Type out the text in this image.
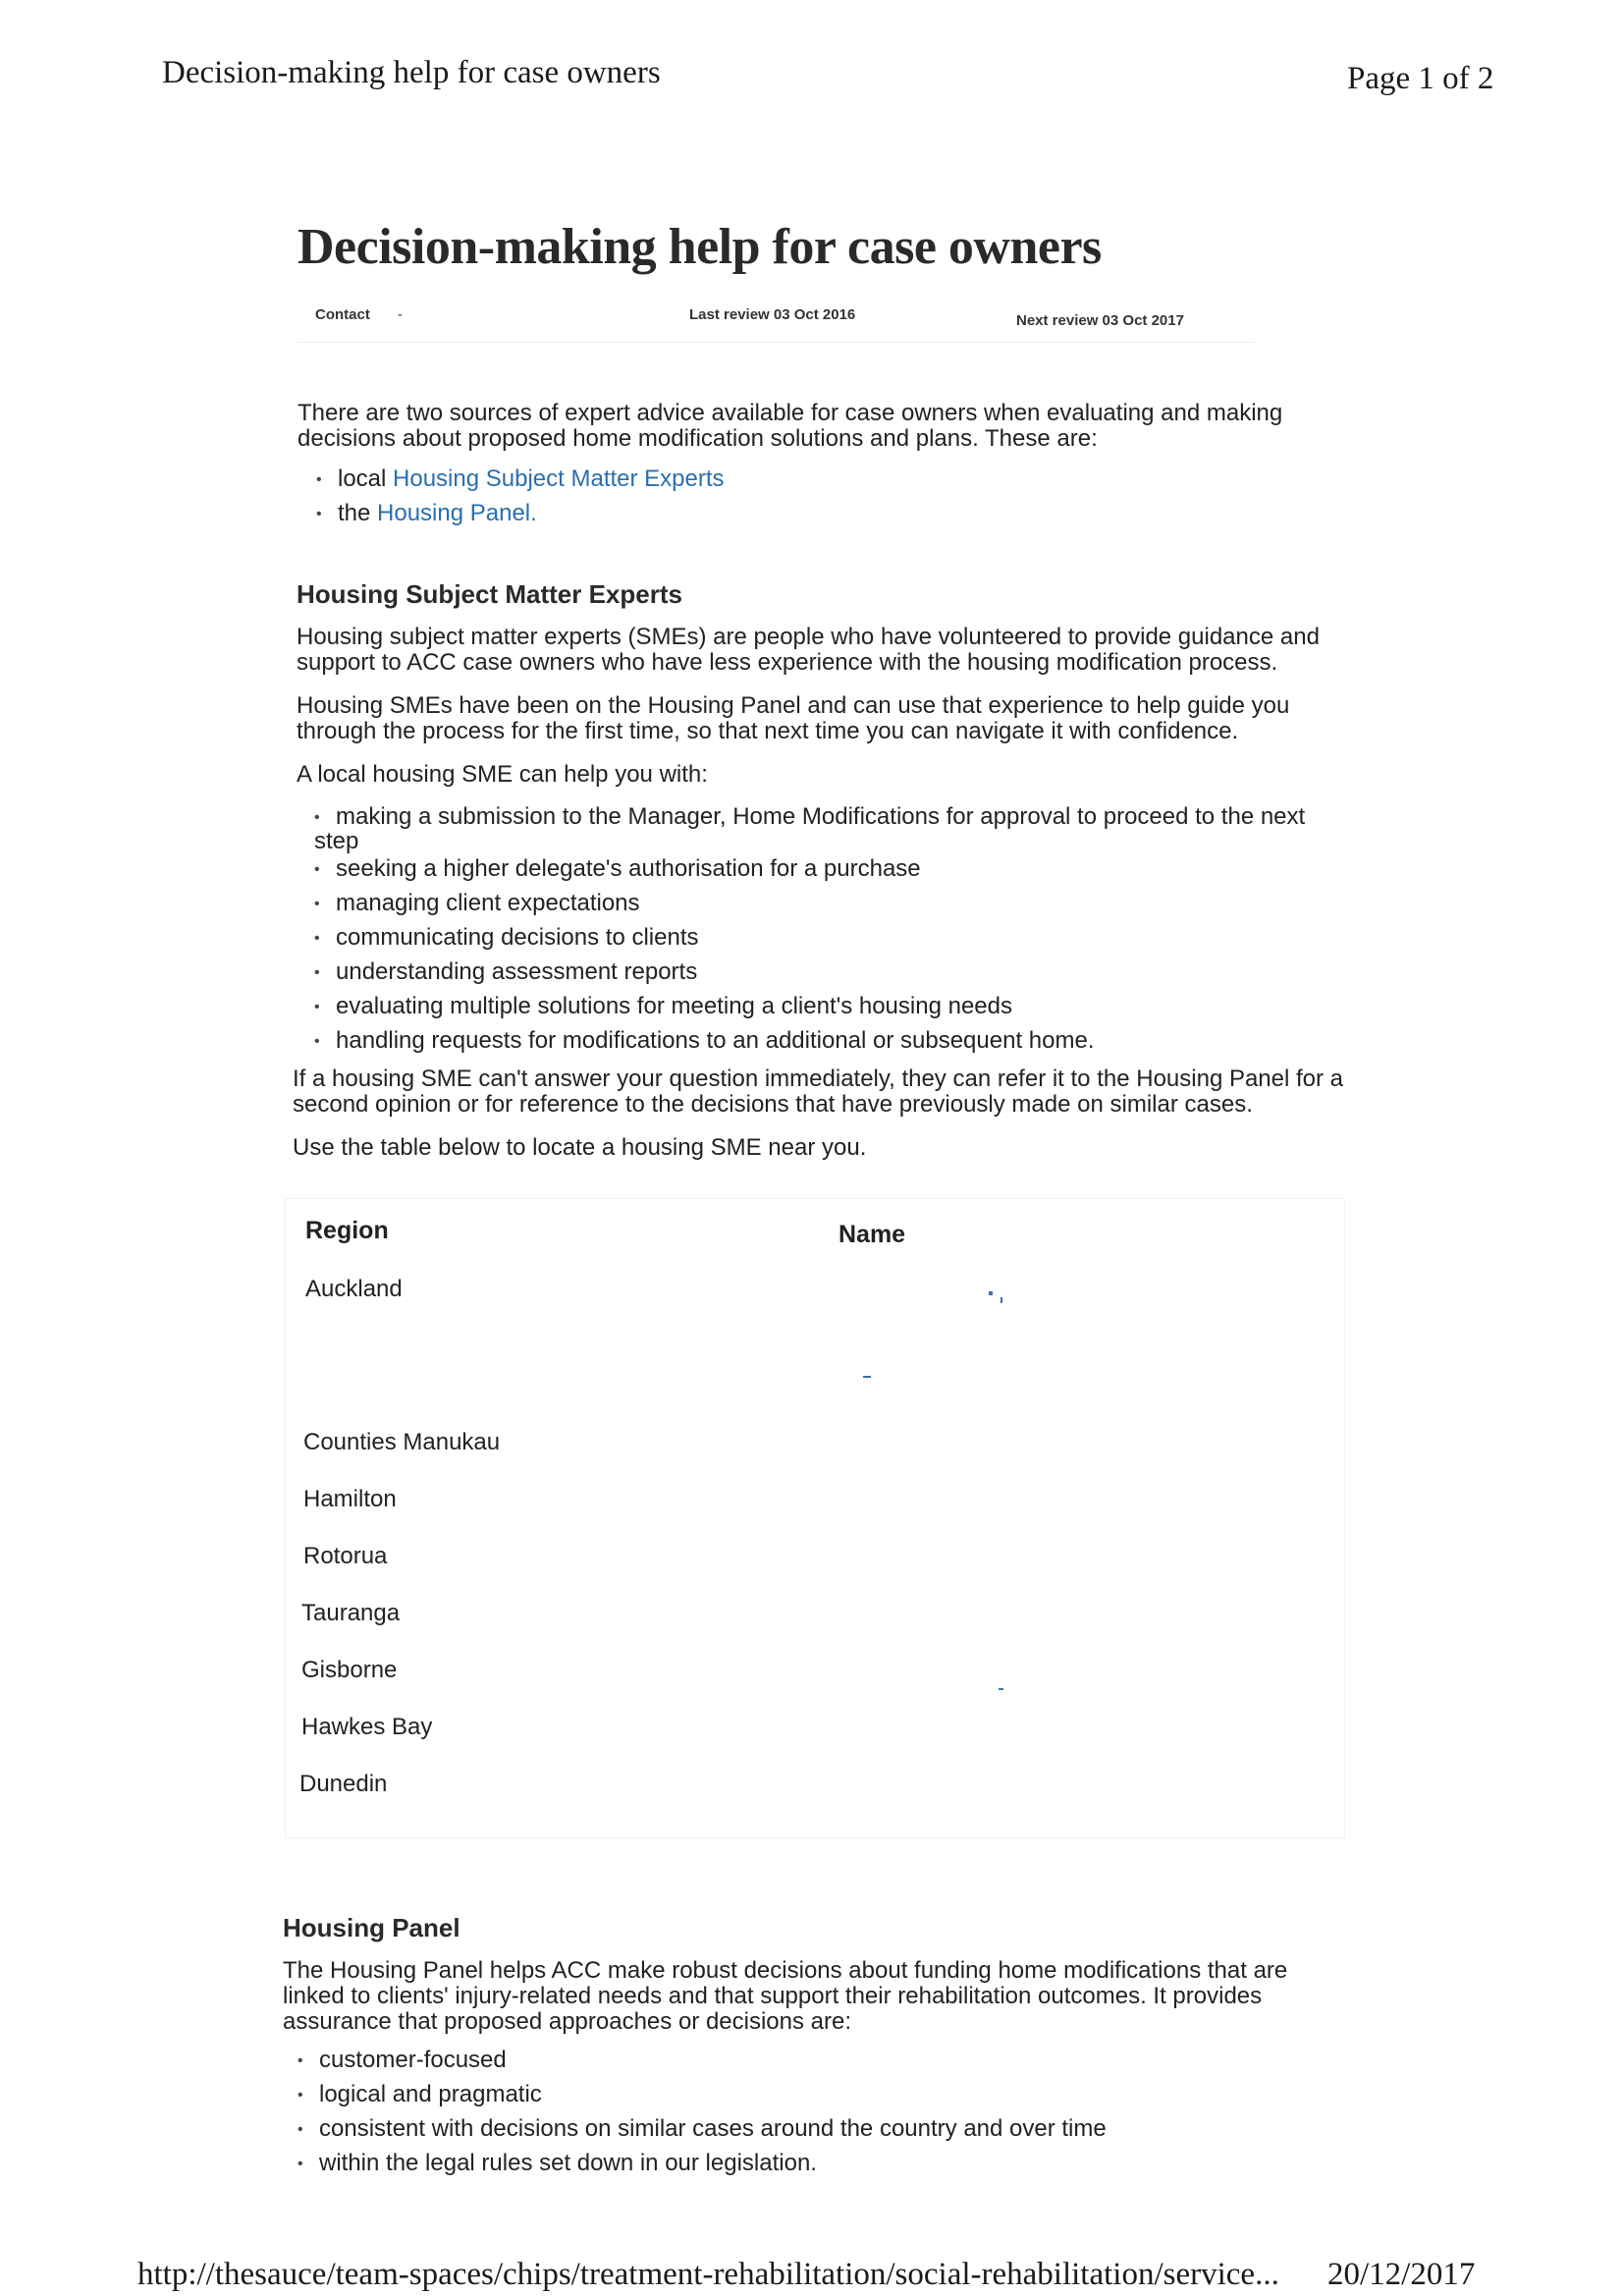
Decision-making help for case owners	Page 1 of 2
Decision-making help for case owners
Contact -	Last review 03 Oct 2016	Next review 03 Oct 2017
There are two sources of expert advice available for case owners when evaluating and making decisions about proposed home modification solutions and plans. These are:
• local Housing Subject Matter Experts
• the Housing Panel.
Housing Subject Matter Experts
Housing subject matter experts (SMEs) are people who have volunteered to provide guidance and support to ACC case owners who have less experience with the housing modification process.
Housing SMEs have been on the Housing Panel and can use that experience to help guide you through the process for the first time, so that next time you can navigate it with confidence.
A local housing SME can help you with:
• making a submission to the Manager, Home Modifications for approval to proceed to the next step
• seeking a higher delegate's authorisation for a purchase
• managing client expectations
• communicating decisions to clients
• understanding assessment reports
• evaluating multiple solutions for meeting a client's housing needs
• handling requests for modifications to an additional or subsequent home.
If a housing SME can't answer your question immediately, they can refer it to the Housing Panel for a second opinion or for reference to the decisions that have previously made on similar cases.
Use the table below to locate a housing SME near you.
Region	Name
Auckland
Counties Manukau
Hamilton
Rotorua
Tauranga
Gisborne
Hawkes Bay
Dunedin
Housing Panel
The Housing Panel helps ACC make robust decisions about funding home modifications that are linked to clients' injury-related needs and that support their rehabilitation outcomes. It provides assurance that proposed approaches or decisions are:
• customer-focused
• logical and pragmatic
• consistent with decisions on similar cases around the country and over time
• within the legal rules set down in our legislation.
http://thesauce/team-spaces/chips/treatment-rehabilitation/social-rehabilitation/service... 20/12/2017
